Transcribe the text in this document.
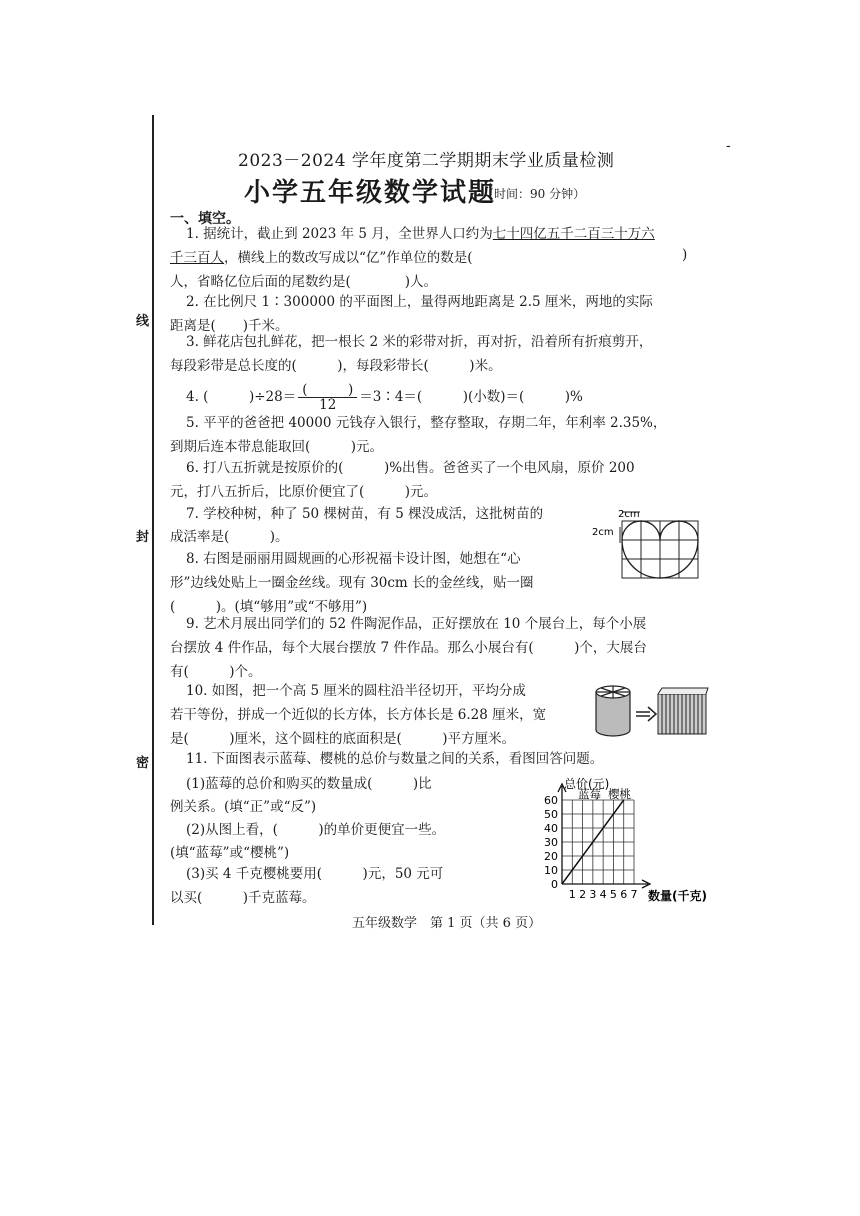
线
封
密
-
2023－2024 学年度第二学期期末学业质量检测
小学五年级数学试题
（时间：90 分钟）
一、填空。
1. 据统计，截止到 2023 年 5 月，全世界人口约为七十四亿五千二百三十万六
千三百人，横线上的数改写成以“亿”作单位的数是(	)
人，省略亿位后面的尾数约是(　　　　)人。
2. 在比例尺 1∶300000 的平面图上，量得两地距离是 2.5 厘米，两地的实际
距离是(　　)千米。
3. 鲜花店包扎鲜花，把一根长 2 米的彩带对折，再对折，沿着所有折痕剪开，
每段彩带是总长度的(　　　)，每段彩带长(　　　)米。
4. (　　　)$\div 28= \frac{( )}{12}$ ＝3∶4＝(　　　)(小数)＝(　　　)%
5. 平平的爸爸把 40000 元钱存入银行，整存整取，存期二年，年利率 2.35%，
到期后连本带息能取回(　　　)元。
6. 打八五折就是按原价的(　　　)%出售。爸爸买了一个电风扇，原价 200
元，打八五折后，比原价便宜了(　　　)元。
7. 学校种树，种了 50 棵树苗，有 5 棵没成活，这批树苗的
成活率是(　　　)。
2cm
2cm
8. 右图是丽丽用圆规画的心形祝福卡设计图，她想在“心
形”边线处贴上一圈金丝线。现有 30cm 长的金丝线，贴一圈
(　　　)。(填“够用”或“不够用”)
9. 艺术月展出同学们的 52 件陶泥作品，正好摆放在 10 个展台上，每个小展
台摆放 4 件作品，每个大展台摆放 7 件作品。那么小展台有(　　　)个，大展台
有(　　　)个。
10. 如图，把一个高 5 厘米的圆柱沿半径切开，平均分成
若干等份，拼成一个近似的长方体，长方体长是 6.28 厘米，宽
是(　　　)厘米，这个圆柱的底面积是(　　　)平方厘米。
11. 下面图表示蓝莓、樱桃的总价与数量之间的关系，看图回答问题。
(1)蓝莓的总价和购买的数量成(　　　)比
例关系。(填“正”或“反”)
(2)从图上看，(　　　)的单价更便宜一些。
(填“蓝莓”或“樱桃”)
(3)买 4 千克樱桃要用(　　　)元，50 元可
以买(　　　)千克蓝莓。
0
10
20
30
40
50
60
1 2 3 4 5 6 7
总价(元)
数量(千克)
蓝莓 樱桃
五年级数学　第 1 页（共 6 页）
